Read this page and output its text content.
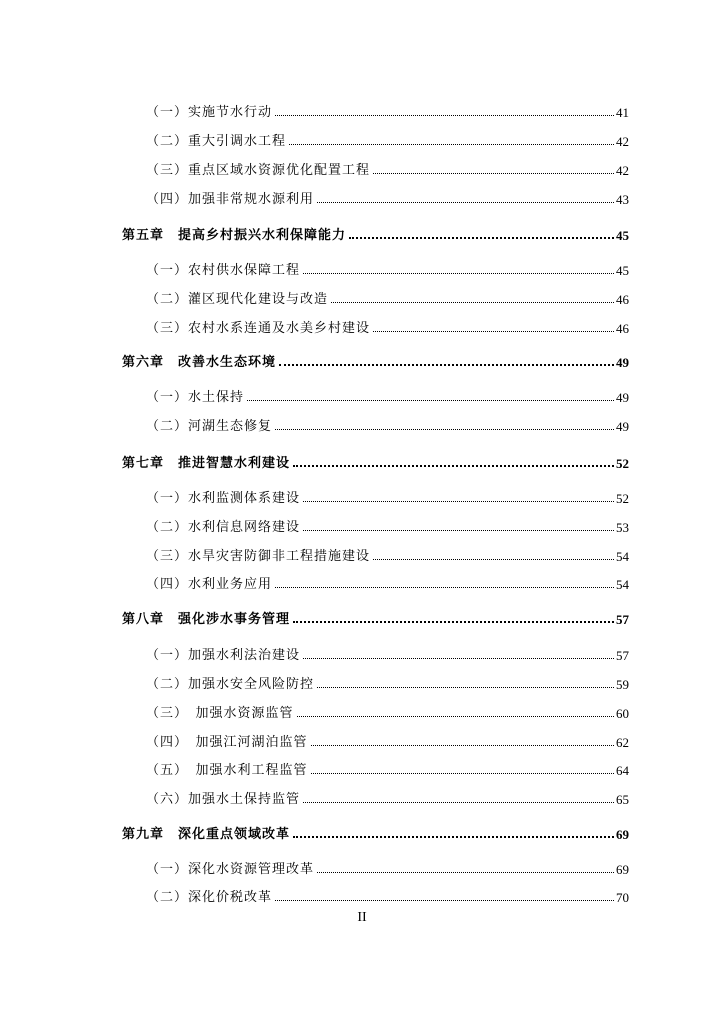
（一）实施节水行动	41
（二）重大引调水工程	42
（三）重点区域水资源优化配置工程	42
（四）加强非常规水源利用	43
第五章　提高乡村振兴水利保障能力	45
（一）农村供水保障工程	45
（二）灌区现代化建设与改造	46
（三）农村水系连通及水美乡村建设	46
第六章　改善水生态环境	49
（一）水土保持	49
（二）河湖生态修复	49
第七章　推进智慧水利建设	52
（一）水利监测体系建设	52
（二）水利信息网络建设	53
（三）水旱灾害防御非工程措施建设	54
（四）水利业务应用	54
第八章　强化涉水事务管理	57
（一）加强水利法治建设	57
（二）加强水安全风险防控	59
（三）　加强水资源监管	60
（四）　加强江河湖泊监管	62
（五）　加强水利工程监管	64
（六）加强水土保持监管	65
第九章　深化重点领域改革	69
（一）深化水资源管理改革	69
（二）深化价税改革	70
II
